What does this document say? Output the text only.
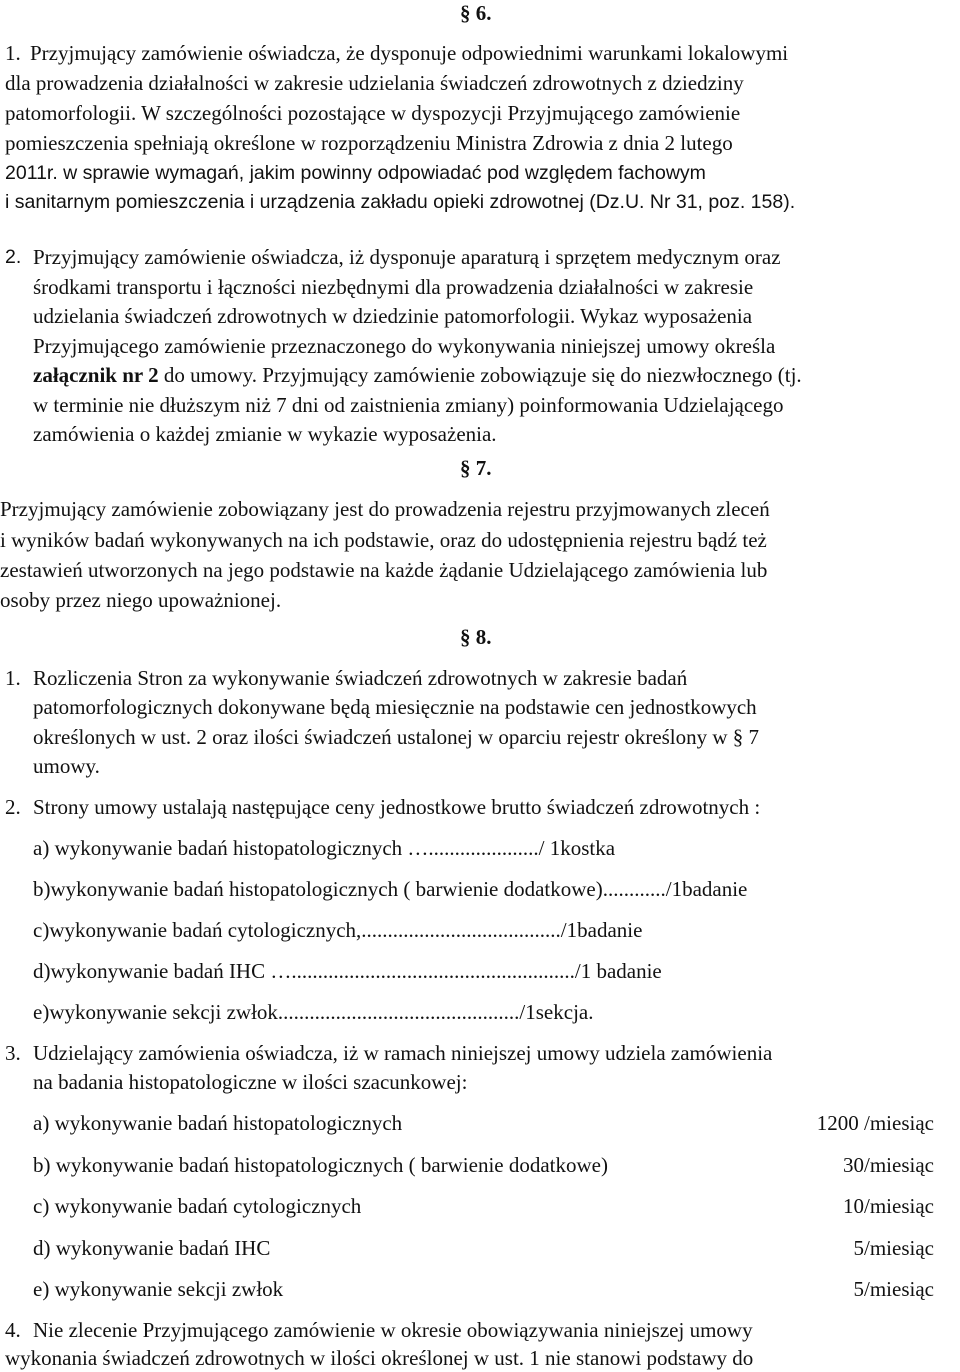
§ 6.
1. Przyjmujący zamówienie oświadcza, że dysponuje odpowiednimi warunkami lokalowymi
dla prowadzenia działalności w zakresie udzielania świadczeń zdrowotnych z dziedziny
patomorfologii. W szczególności pozostające w dyspozycji Przyjmującego zamówienie
pomieszczenia spełniają określone w rozporządzeniu Ministra Zdrowia z dnia 2 lutego
2011r. w sprawie wymagań, jakim powinny odpowiadać pod względem fachowym
i sanitarnym pomieszczenia i urządzenia zakładu opieki zdrowotnej (Dz.U. Nr 31, poz. 158).
2. Przyjmujący zamówienie oświadcza, iż dysponuje aparaturą i sprzętem medycznym oraz
środkami transportu i łączności niezbędnymi dla prowadzenia działalności w zakresie
udzielania świadczeń zdrowotnych w dziedzinie patomorfologii. Wykaz wyposażenia
Przyjmującego zamówienie przeznaczonego do wykonywania niniejszej umowy określa
załącznik nr 2 do umowy. Przyjmujący zamówienie zobowiązuje się do niezwłocznego (tj.
w terminie nie dłuższym niż 7 dni od zaistnienia zmiany) poinformowania Udzielającego
zamówienia o każdej zmianie w wykazie wyposażenia.
§ 7.
Przyjmujący zamówienie zobowiązany jest do prowadzenia rejestru przyjmowanych zleceń
i wyników badań wykonywanych na ich podstawie, oraz do udostępnienia rejestru bądź też
zestawień utworzonych na jego podstawie na każde żądanie Udzielającego zamówienia lub
osoby przez niego upoważnionej.
§ 8.
1. Rozliczenia Stron za wykonywanie świadczeń zdrowotnych w zakresie badań
patomorfologicznych dokonywane będą miesięcznie na podstawie cen jednostkowych
określonych w ust. 2 oraz ilości świadczeń ustalonej w oparciu rejestr określony w § 7
umowy.
2. Strony umowy ustalają następujące ceny jednostkowe brutto świadczeń zdrowotnych :
a) wykonywanie badań histopatologicznych …...................../ 1kostka
b)wykonywanie badań histopatologicznych ( barwienie dodatkowe)............/1badanie
c)wykonywanie badań cytologicznych,....................................../1badanie
d)wykonywanie badań IHC …....................................................../1 badanie
e)wykonywanie sekcji zwłok............................................../1sekcja.
3. Udzielający zamówienia oświadcza, iż w ramach niniejszej umowy udziela zamówienia
na badania histopatologiczne w ilości szacunkowej:
a) wykonywanie badań histopatologicznych	1200 /miesiąc
b) wykonywanie badań histopatologicznych ( barwienie dodatkowe)	30/miesiąc
c) wykonywanie badań cytologicznych	10/miesiąc
d) wykonywanie badań IHC	5/miesiąc
e) wykonywanie sekcji zwłok	5/miesiąc
4. Nie zlecenie Przyjmującego zamówienie w okresie obowiązywania niniejszej umowy
wykonania świadczeń zdrowotnych w ilości określonej w ust. 1 nie stanowi podstawy do
